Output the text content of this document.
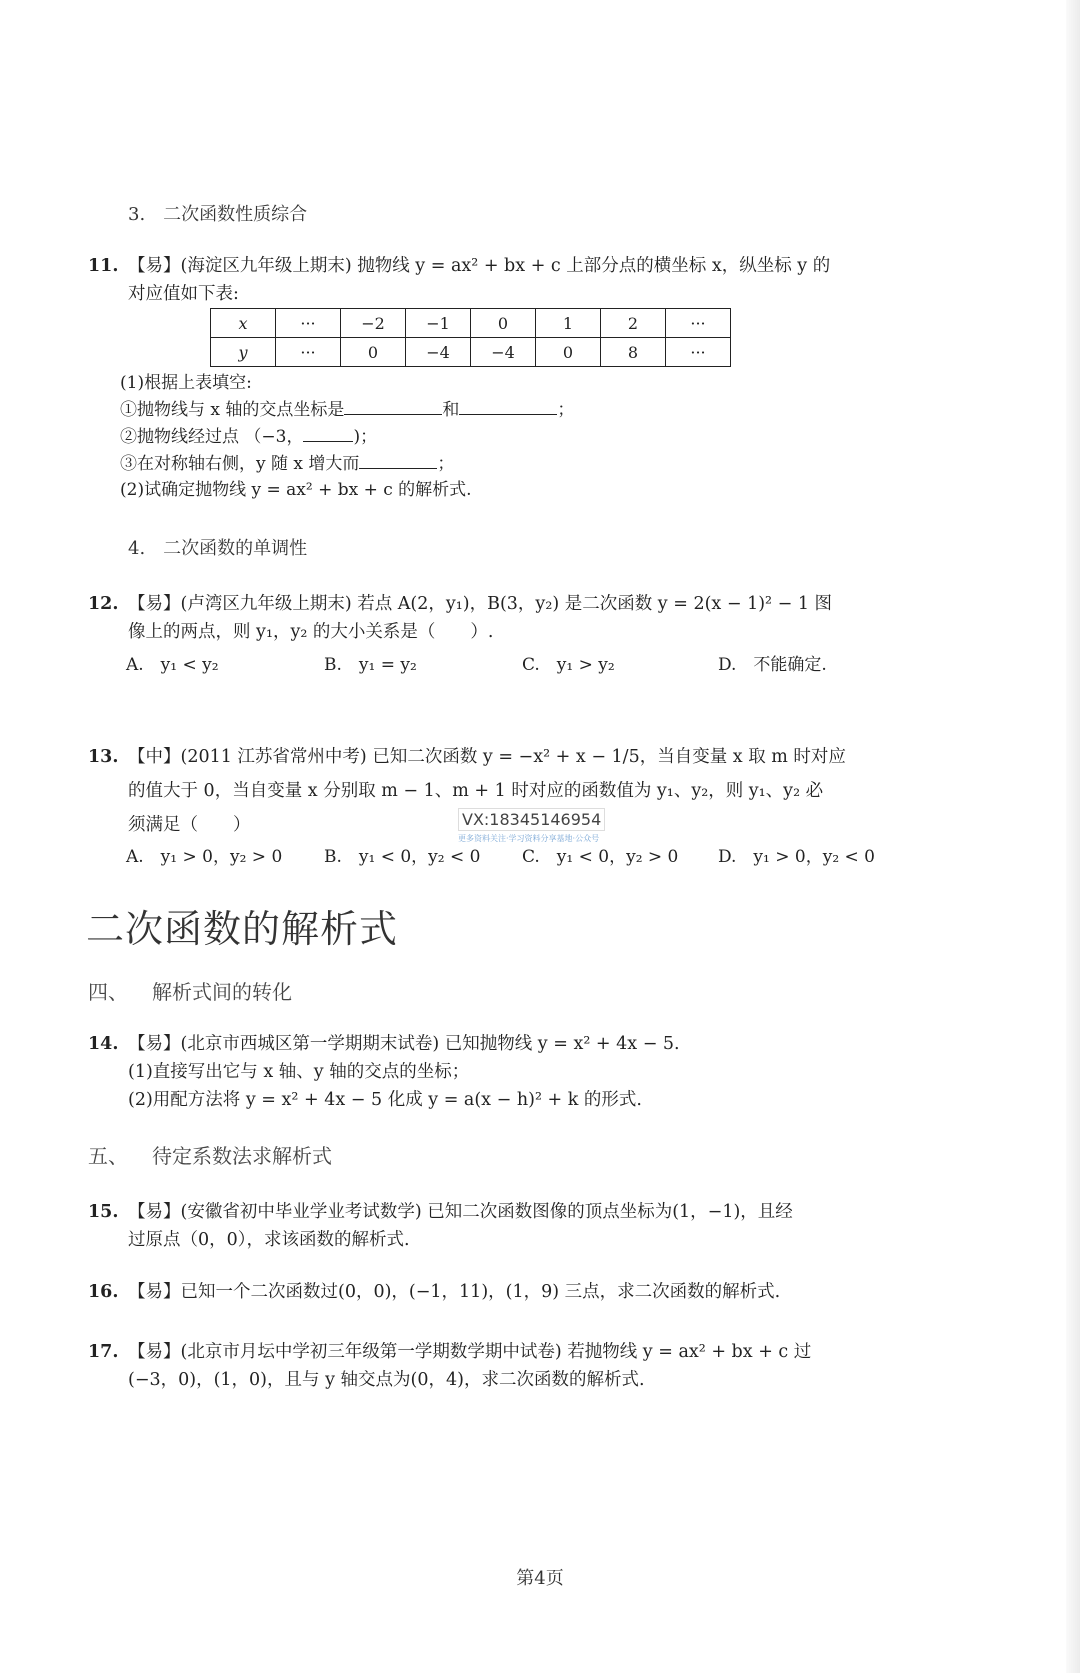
3.　二次函数性质综合
11. 【易】(海淀区九年级上期末) 抛物线 y = ax² + bx + c 上部分点的横坐标 x，纵坐标 y 的
对应值如下表:
x	···	−2	−1	0	1	2	···
y	···	0	−4	−4	0	8	···
(1)根据上表填空:
①抛物线与 x 轴的交点坐标是	和	；
②抛物线经过点 （−3，	)；
③在对称轴右侧，y 随 x 增大而	；
(2)试确定抛物线 y = ax² + bx + c 的解析式.
4.　二次函数的单调性
12. 【易】(卢湾区九年级上期末) 若点 A(2，y₁)，B(3，y₂) 是二次函数 y = 2(x − 1)² − 1 图
像上的两点，则 y₁，y₂ 的大小关系是（　　）.
A.　y₁ < y₂	B.　y₁ = y₂	C.　y₁ > y₂	D.　不能确定.
13. 【中】(2011 江苏省常州中考) 已知二次函数 y = −x² + x − 1/5，当自变量 x 取 m 时对应
的值大于 0，当自变量 x 分别取 m − 1、m + 1 时对应的函数值为 y₁、y₂，则 y₁、y₂ 必
须满足（　　）
A.　y₁ > 0，y₂ > 0 B.　y₁ < 0，y₂ < 0 C.　y₁ < 0，y₂ > 0 D.　y₁ > 0，y₂ < 0
VX:18345146954
更多资料关注·学习资料分享基地·公众号
二次函数的解析式
四、 解析式间的转化
14. 【易】(北京市西城区第一学期期末试卷) 已知抛物线 y = x² + 4x − 5.
(1)直接写出它与 x 轴、y 轴的交点的坐标；
(2)用配方法将 y = x² + 4x − 5 化成 y = a(x − h)² + k 的形式.
五、 待定系数法求解析式
15. 【易】(安徽省初中毕业学业考试数学) 已知二次函数图像的顶点坐标为(1，−1)，且经
过原点（0，0），求该函数的解析式.
16. 【易】已知一个二次函数过(0，0)，(−1，11)，(1，9) 三点，求二次函数的解析式.
17. 【易】(北京市月坛中学初三年级第一学期数学期中试卷) 若抛物线 y = ax² + bx + c 过
(−3，0)，(1，0)，且与 y 轴交点为(0，4)，求二次函数的解析式.
第4页
